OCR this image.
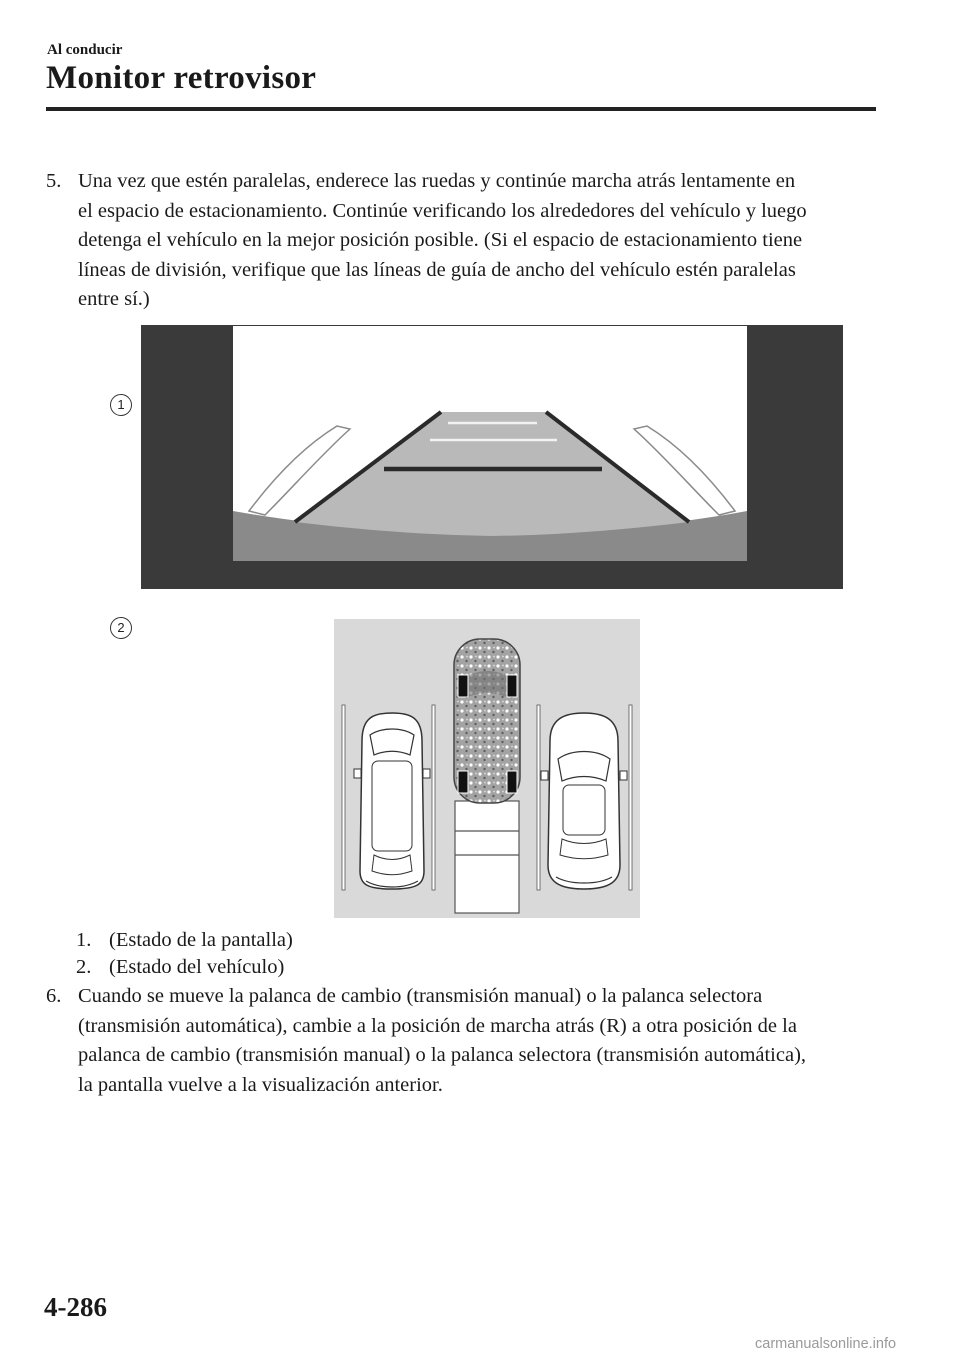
Al conducir
Monitor retrovisor
5. Una vez que estén paralelas, enderece las ruedas y continúe marcha atrás lentamente en
el espacio de estacionamiento. Continúe verificando los alrededores del vehículo y luego
detenga el vehículo en la mejor posición posible. (Si el espacio de estacionamiento tiene
líneas de división, verifique que las líneas de guía de ancho del vehículo estén paralelas
entre sí.)
1
2
1. (Estado de la pantalla)
2. (Estado del vehículo)
6. Cuando se mueve la palanca de cambio (transmisión manual) o la palanca selectora
(transmisión automática), cambie a la posición de marcha atrás (R) a otra posición de la
palanca de cambio (transmisión manual) o la palanca selectora (transmisión automática),
la pantalla vuelve a la visualización anterior.
4-286
carmanualsonline.info
